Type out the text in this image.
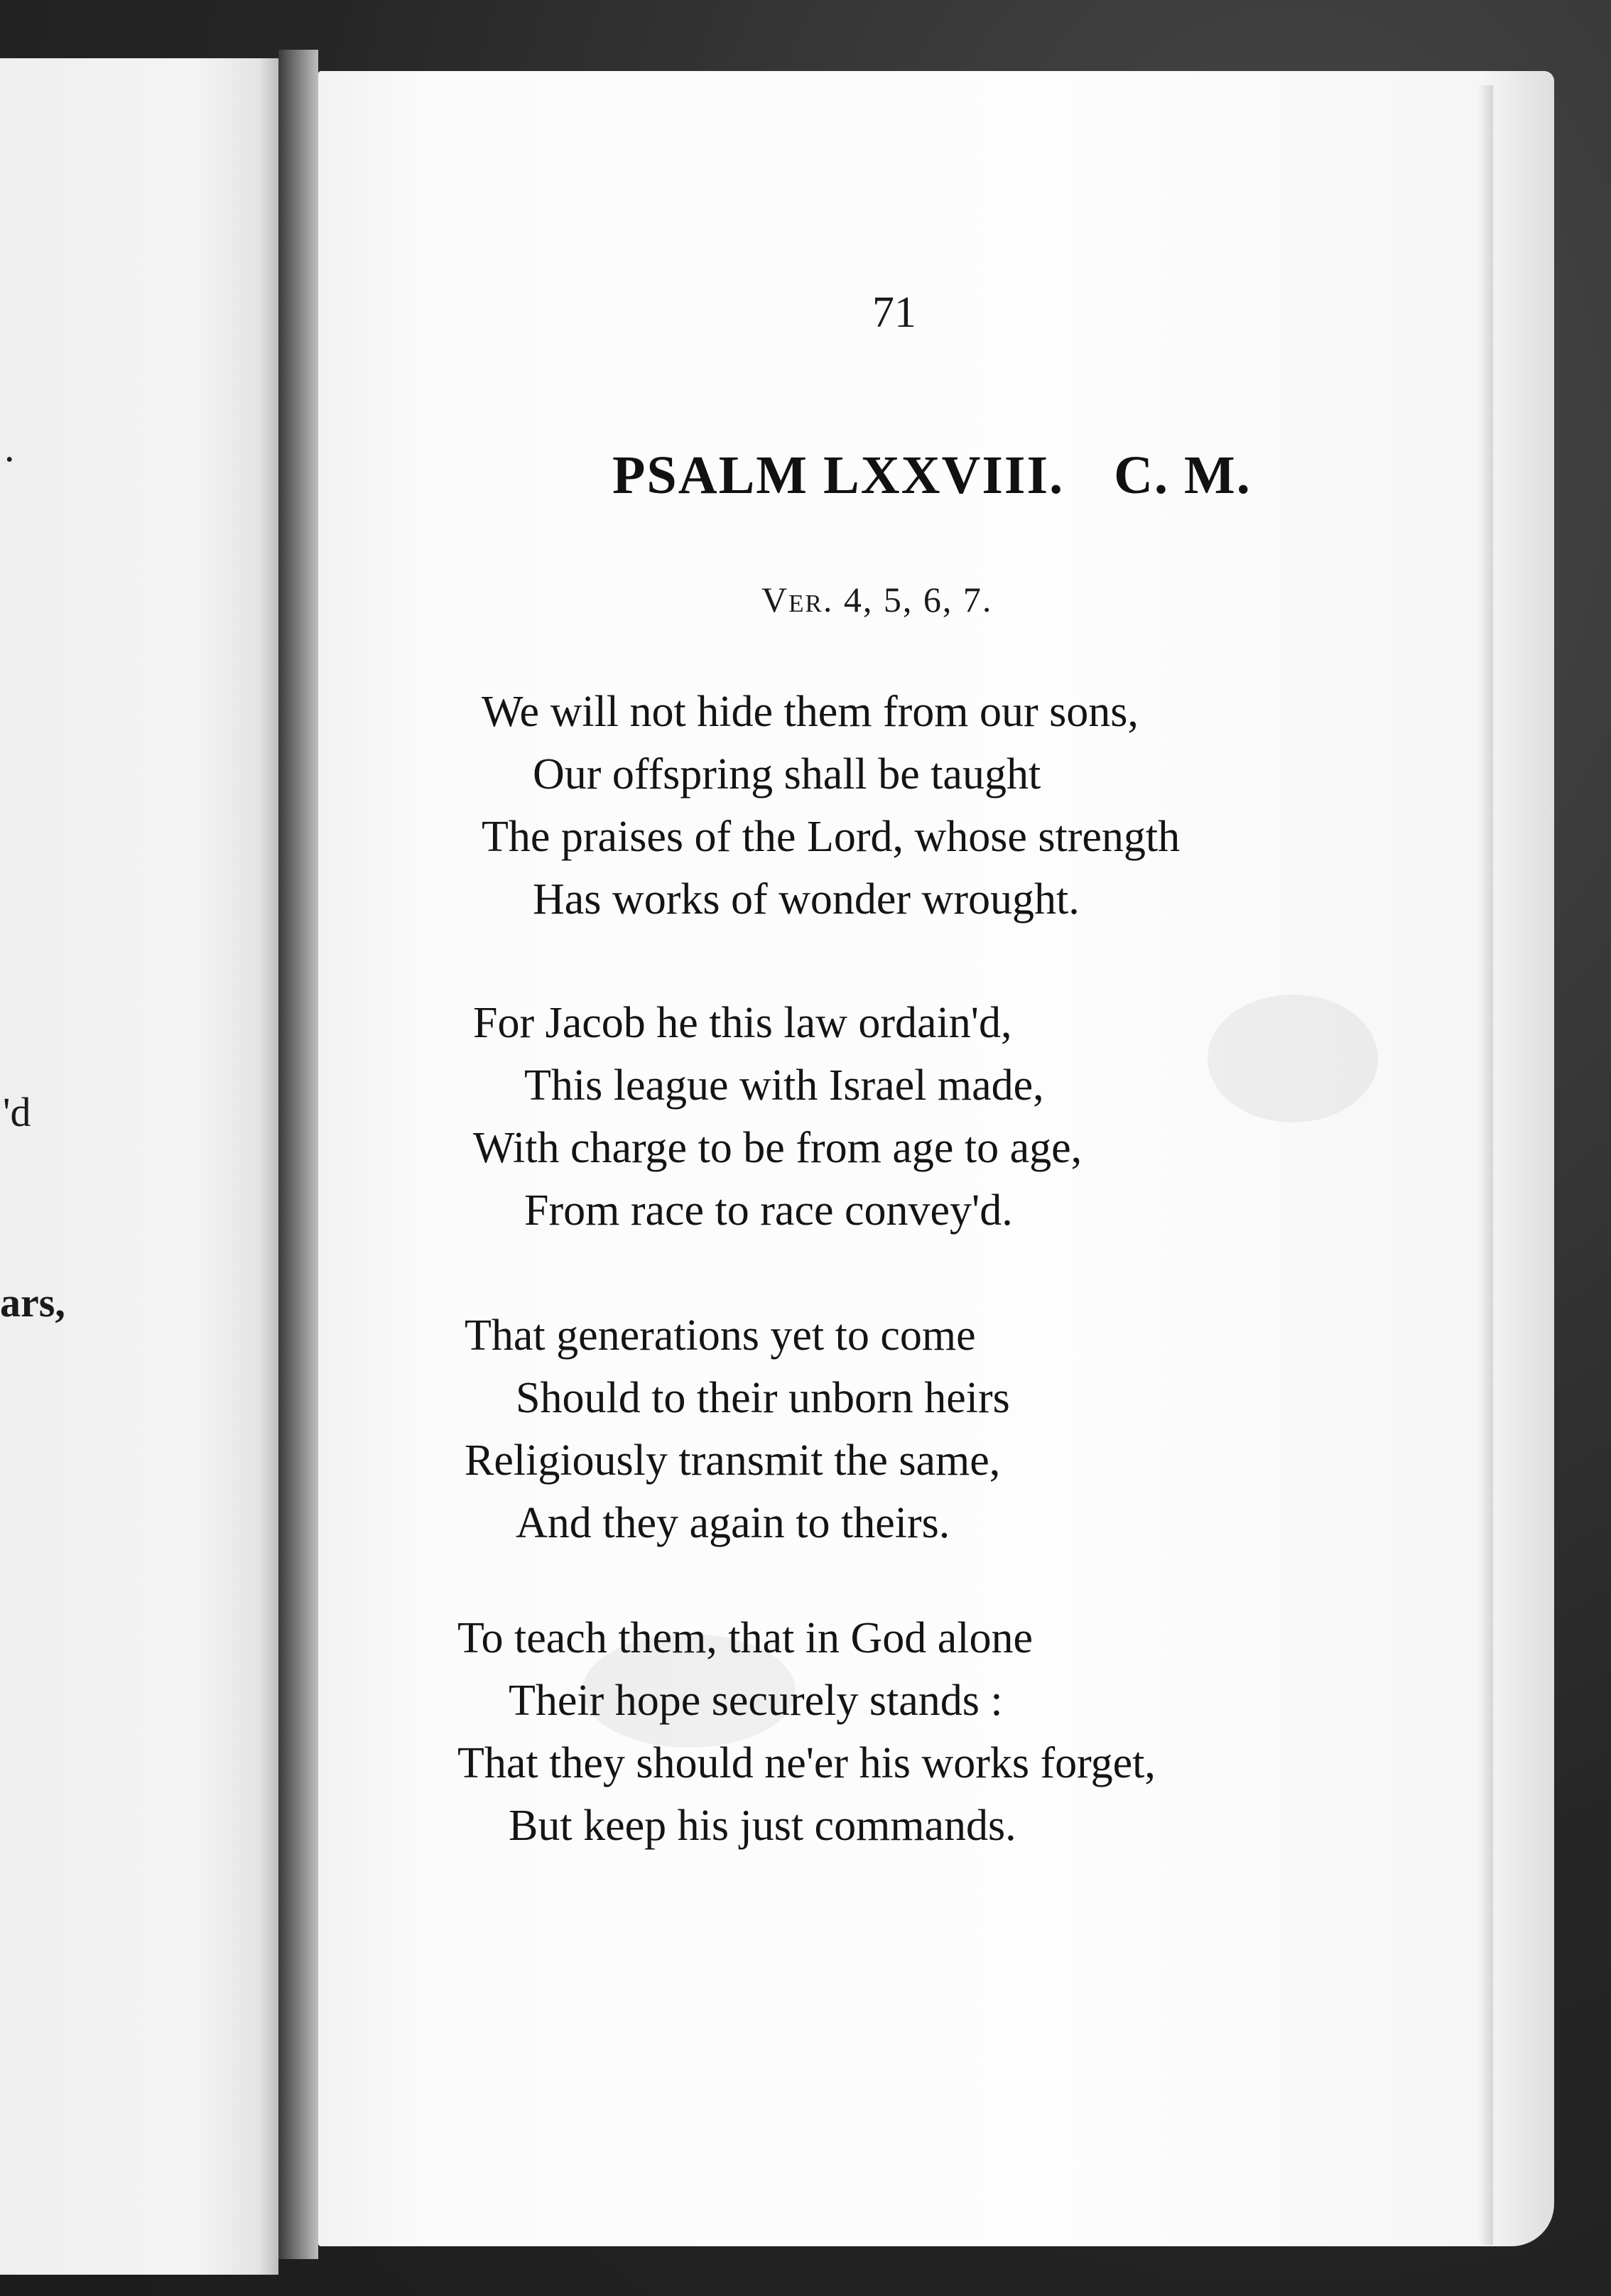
.
'd
ars,
71
PSALM LXXVIII. C. M.
Ver. 4, 5, 6, 7.
We will not hide them from our sons,
Our offspring shall be taught
The praises of the Lord, whose strength
Has works of wonder wrought.
For Jacob he this law ordain'd,
This league with Israel made,
With charge to be from age to age,
From race to race convey'd.
That generations yet to come
Should to their unborn heirs
Religiously transmit the same,
And they again to theirs.
To teach them, that in God alone
Their hope securely stands :
That they should ne'er his works forget,
But keep his just commands.
